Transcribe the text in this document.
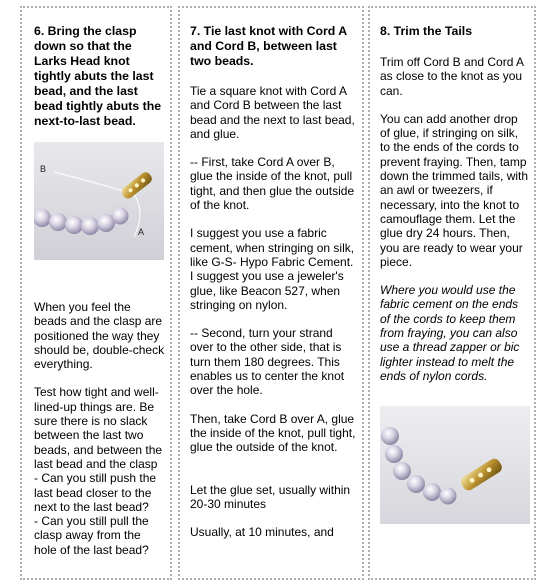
6. Bring the clasp down so that the Larks Head knot tightly abuts the last bead, and the last bead tightly abuts the next-to-last bead.
B
A

When you feel the beads and the clasp are positioned the way they should be, double-check everything.

Test how tight and well-lined-up things are. Be sure there is no slack between the last two beads, and between the last bead and the clasp

- Can you still push the last bead closer to the next to the last bead?

- Can you still pull the clasp away from the hole of the last bead?

7. Tie last knot with Cord A and Cord B, between last two beads.

Tie a square knot with Cord A and Cord B between the last bead and the next to last bead, and glue.

-- First, take Cord A over B, glue the inside of the knot, pull tight, and then glue the outside of the knot.

I suggest you use a fabric cement, when stringing on silk, like G-S- Hypo Fabric Cement.

I suggest you use a jeweler's glue, like Beacon 527, when stringing on nylon.

-- Second, turn your strand over to the other side, that is turn them 180 degrees. This enables us to center the knot over the hole.

Then, take Cord B over A, glue the inside of the knot, pull tight, glue the outside of the knot.

Let the glue set, usually within 20-30 minutes

Usually, at 10 minutes, and

8. Trim the Tails

Trim off Cord B and Cord A as close to the knot as you can.

You can add another drop of glue, if stringing on silk, to the ends of the cords to prevent fraying. Then, tamp down the trimmed tails, with an awl or tweezers, if necessary, into the knot to camouflage them. Let the glue dry 24 hours. Then, you are ready to wear your piece.

Where you would use the fabric cement on the ends of the cords to keep them from fraying, you can also use a thread zapper or bic lighter instead to melt the ends of nylon cords.
